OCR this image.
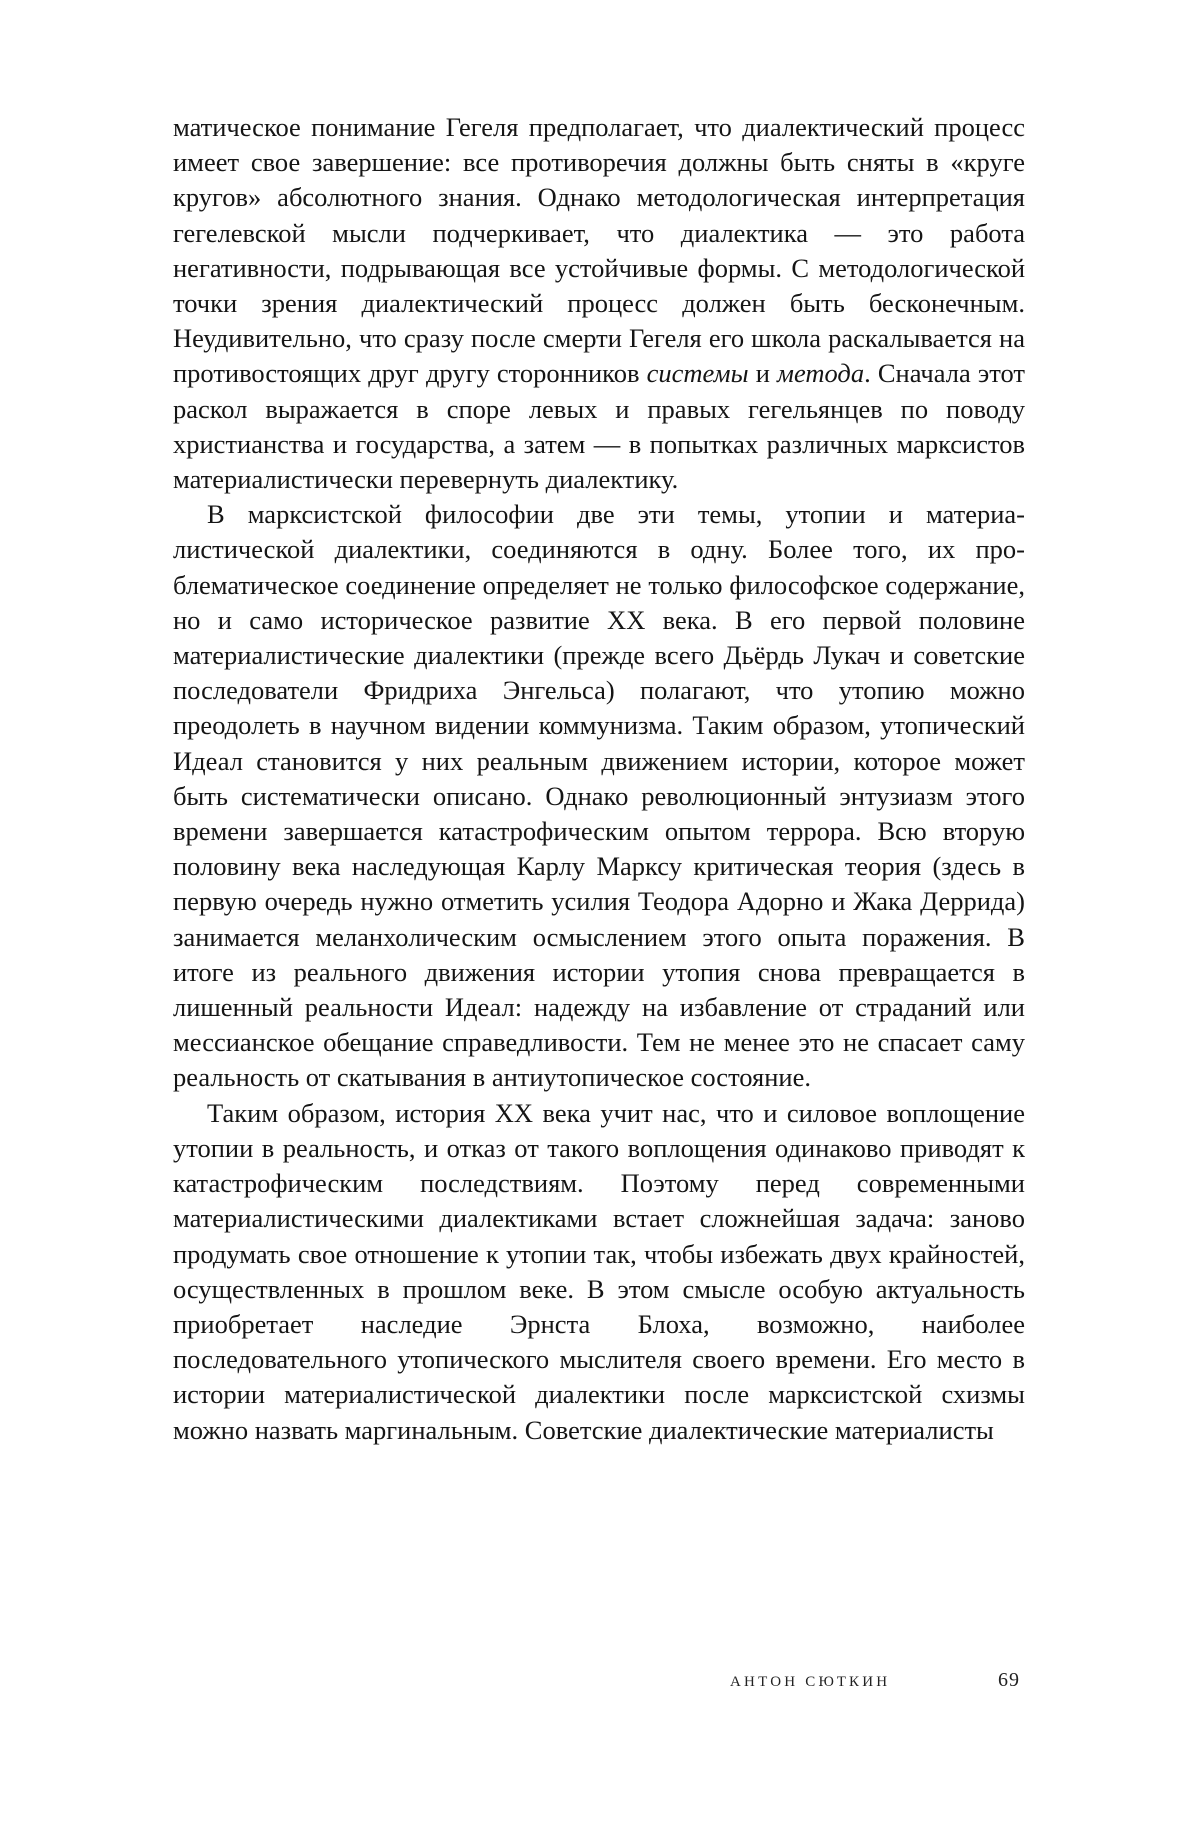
матическое понимание Гегеля предполагает, что диалектический процесс имеет свое завершение: все противоречия должны быть сняты в «круге кругов» абсолютного знания. Однако методологическая интерпретация гегелевской мысли подчеркивает, что диалектика — это работа негативности, подрывающая все устойчивые формы. С методологической точки зрения диалектический процесс должен быть бесконечным. Неудивительно, что сразу после смерти Гегеля его школа раскалывается на противостоящих друг другу сторонников системы и метода. Сначала этот раскол выражается в споре левых и правых гегельянцев по поводу христианства и государства, а затем — в попытках различных марксистов материалистически перевернуть диалектику.

В марксистской философии две эти темы, утопии и материалистической диалектики, соединяются в одну. Более того, их проблематическое соединение определяет не только философское содержание, но и само историческое развитие XX века. В его первой половине материалистические диалектики (прежде всего Дьёрдь Лукач и советские последователи Фридриха Энгельса) полагают, что утопию можно преодолеть в научном видении коммунизма. Таким образом, утопический Идеал становится у них реальным движением истории, которое может быть систематически описано. Однако революционный энтузиазм этого времени завершается катастрофическим опытом террора. Всю вторую половину века наследующая Карлу Марксу критическая теория (здесь в первую очередь нужно отметить усилия Теодора Адорно и Жака Деррида) занимается меланхолическим осмыслением этого опыта поражения. В итоге из реального движения истории утопия снова превращается в лишенный реальности Идеал: надежду на избавление от страданий или мессианское обещание справедливости. Тем не менее это не спасает саму реальность от скатывания в антиутопическое состояние.

Таким образом, история XX века учит нас, что и силовое воплощение утопии в реальность, и отказ от такого воплощения одинаково приводят к катастрофическим последствиям. Поэтому перед современными материалистическими диалектиками встает сложнейшая задача: заново продумать свое отношение к утопии так, чтобы избежать двух крайностей, осуществленных в прошлом веке. В этом смысле особую актуальность приобретает наследие Эрнста Блоха, возможно, наиболее последовательного утопического мыслителя своего времени. Его место в истории материалистической диалектики после марксистской схизмы можно назвать маргинальным. Советские диалектические материалисты

АНТОН СЮТКИН	69
